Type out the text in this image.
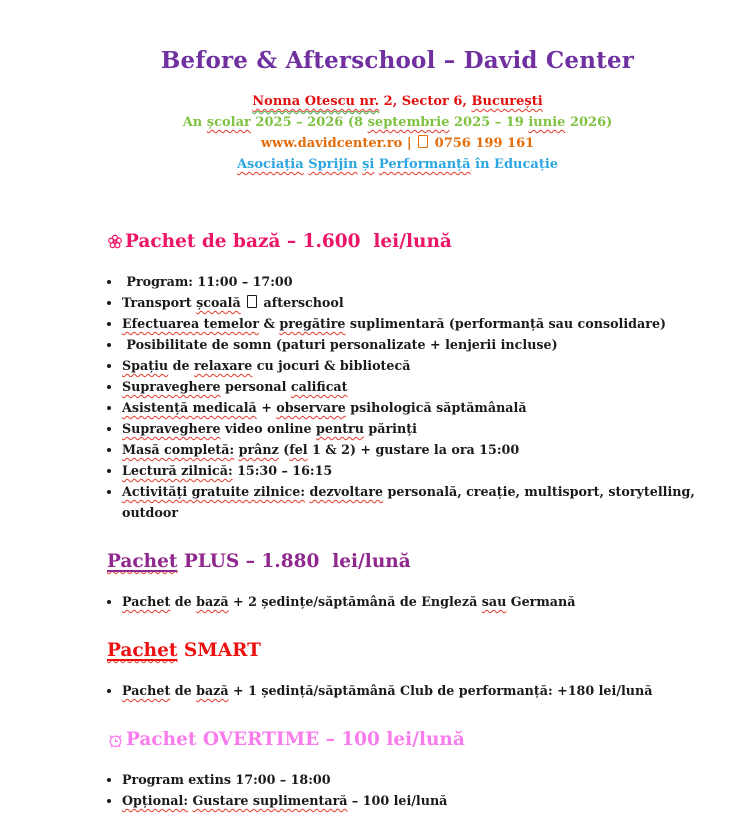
Before & Afterschool – David Center
Nonna Otescu nr. 2, Sector 6, București
An școlar 2025 – 2026 (8 septembrie 2025 – 19 iunie 2026)
www.davidcenter.ro |  0756 199 161
Asociația Sprijin și Performanță în Educație
Pachet de bază – 1.600  lei/lună
•  Program: 11:00 – 17:00
• Transport școală  afterschool
• Efectuarea temelor & pregătire suplimentară (performanță sau consolidare)
•  Posibilitate de somn (paturi personalizate + lenjerii incluse)
• Spațiu de relaxare cu jocuri & bibliotecă
• Supraveghere personal calificat
• Asistență medicală + observare psihologică săptămânală
• Supraveghere video online pentru părinți
• Masă completă: prânz (fel 1 & 2) + gustare la ora 15:00
• Lectură zilnică: 15:30 – 16:15
• Activități gratuite zilnice: dezvoltare personală, creație, multisport, storytelling, outdoor
Pachet PLUS – 1.880  lei/lună
• Pachet de bază + 2 ședințe/săptămână de Engleză sau Germană
Pachet SMART
• Pachet de bază + 1 ședință/săptămână Club de performanță: +180 lei/lună
Pachet OVERTIME – 100 lei/lună
• Program extins 17:00 – 18:00
• Opțional: Gustare suplimentară – 100 lei/lună
